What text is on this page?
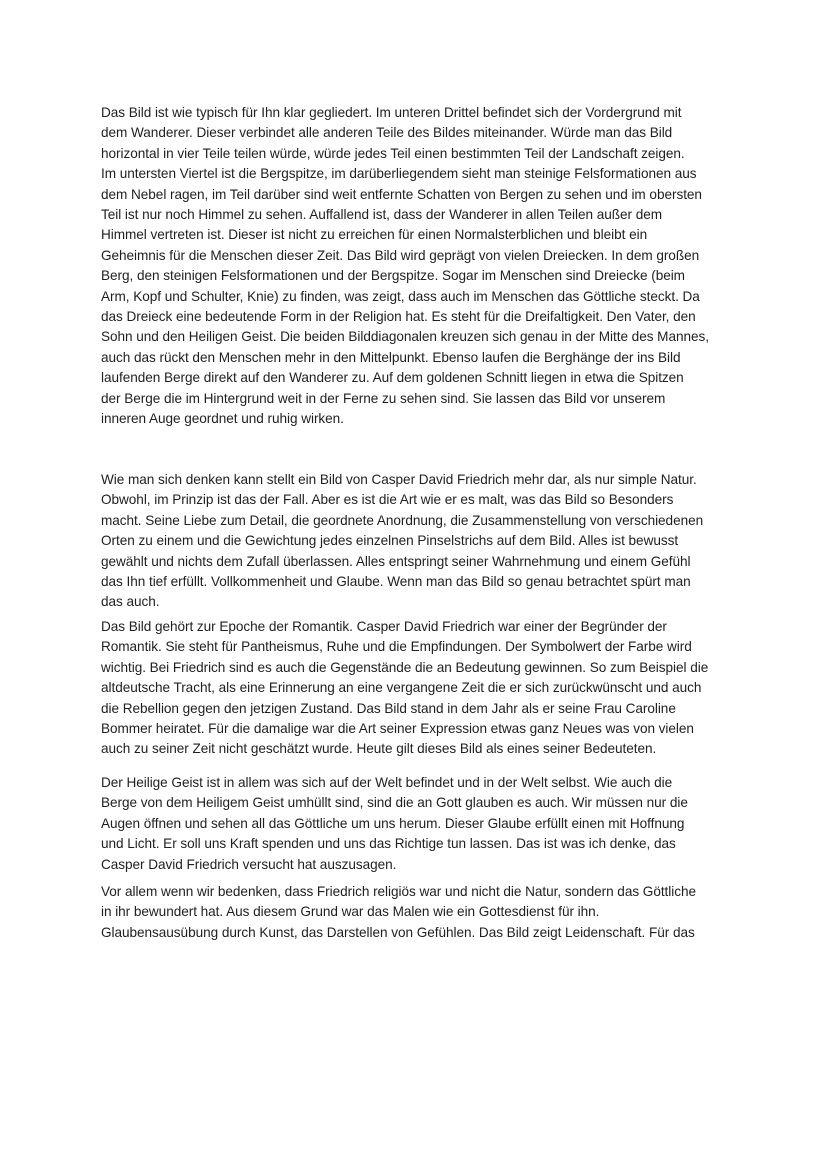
Das Bild ist wie typisch für Ihn klar gegliedert. Im unteren Drittel befindet sich der Vordergrund mit
dem Wanderer. Dieser verbindet alle anderen Teile des Bildes miteinander. Würde man das Bild
horizontal in vier Teile teilen würde, würde jedes Teil einen bestimmten Teil der Landschaft zeigen.
Im untersten Viertel ist die Bergspitze, im darüberliegendem sieht man steinige Felsformationen aus
dem Nebel ragen, im Teil darüber sind weit entfernte Schatten von Bergen zu sehen und im obersten
Teil ist nur noch Himmel zu sehen. Auffallend ist, dass der Wanderer in allen Teilen außer dem
Himmel vertreten ist. Dieser ist nicht zu erreichen für einen Normalsterblichen und bleibt ein
Geheimnis für die Menschen dieser Zeit. Das Bild wird geprägt von vielen Dreiecken. In dem großen
Berg, den steinigen Felsformationen und der Bergspitze. Sogar im Menschen sind Dreiecke (beim
Arm, Kopf und Schulter, Knie) zu finden, was zeigt, dass auch im Menschen das Göttliche steckt. Da
das Dreieck eine bedeutende Form in der Religion hat. Es steht für die Dreifaltigkeit. Den Vater, den
Sohn und den Heiligen Geist. Die beiden Bilddiagonalen kreuzen sich genau in der Mitte des Mannes,
auch das rückt den Menschen mehr in den Mittelpunkt. Ebenso laufen die Berghänge der ins Bild
laufenden Berge direkt auf den Wanderer zu. Auf dem goldenen Schnitt liegen in etwa die Spitzen
der Berge die im Hintergrund weit in der Ferne zu sehen sind. Sie lassen das Bild vor unserem
inneren Auge geordnet und ruhig wirken.
Wie man sich denken kann stellt ein Bild von Casper David Friedrich mehr dar, als nur simple Natur.
Obwohl, im Prinzip ist das der Fall. Aber es ist die Art wie er es malt, was das Bild so Besonders
macht. Seine Liebe zum Detail, die geordnete Anordnung, die Zusammenstellung von verschiedenen
Orten zu einem und die Gewichtung jedes einzelnen Pinselstrichs auf dem Bild. Alles ist bewusst
gewählt und nichts dem Zufall überlassen. Alles entspringt seiner Wahrnehmung und einem Gefühl
das Ihn tief erfüllt. Vollkommenheit und Glaube. Wenn man das Bild so genau betrachtet spürt man
das auch.
Das Bild gehört zur Epoche der Romantik. Casper David Friedrich war einer der Begründer der
Romantik. Sie steht für Pantheismus, Ruhe und die Empfindungen. Der Symbolwert der Farbe wird
wichtig. Bei Friedrich sind es auch die Gegenstände die an Bedeutung gewinnen. So zum Beispiel die
altdeutsche Tracht, als eine Erinnerung an eine vergangene Zeit die er sich zurückwünscht und auch
die Rebellion gegen den jetzigen Zustand. Das Bild stand in dem Jahr als er seine Frau Caroline
Bommer heiratet. Für die damalige war die Art seiner Expression etwas ganz Neues was von vielen
auch zu seiner Zeit nicht geschätzt wurde. Heute gilt dieses Bild als eines seiner Bedeuteten.
Der Heilige Geist ist in allem was sich auf der Welt befindet und in der Welt selbst. Wie auch die
Berge von dem Heiligem Geist umhüllt sind, sind die an Gott glauben es auch. Wir müssen nur die
Augen öffnen und sehen all das Göttliche um uns herum. Dieser Glaube erfüllt einen mit Hoffnung
und Licht. Er soll uns Kraft spenden und uns das Richtige tun lassen. Das ist was ich denke, das
Casper David Friedrich versucht hat auszusagen.
Vor allem wenn wir bedenken, dass Friedrich religiös war und nicht die Natur, sondern das Göttliche
in ihr bewundert hat. Aus diesem Grund war das Malen wie ein Gottesdienst für ihn.
Glaubensausübung durch Kunst, das Darstellen von Gefühlen. Das Bild zeigt Leidenschaft. Für das
